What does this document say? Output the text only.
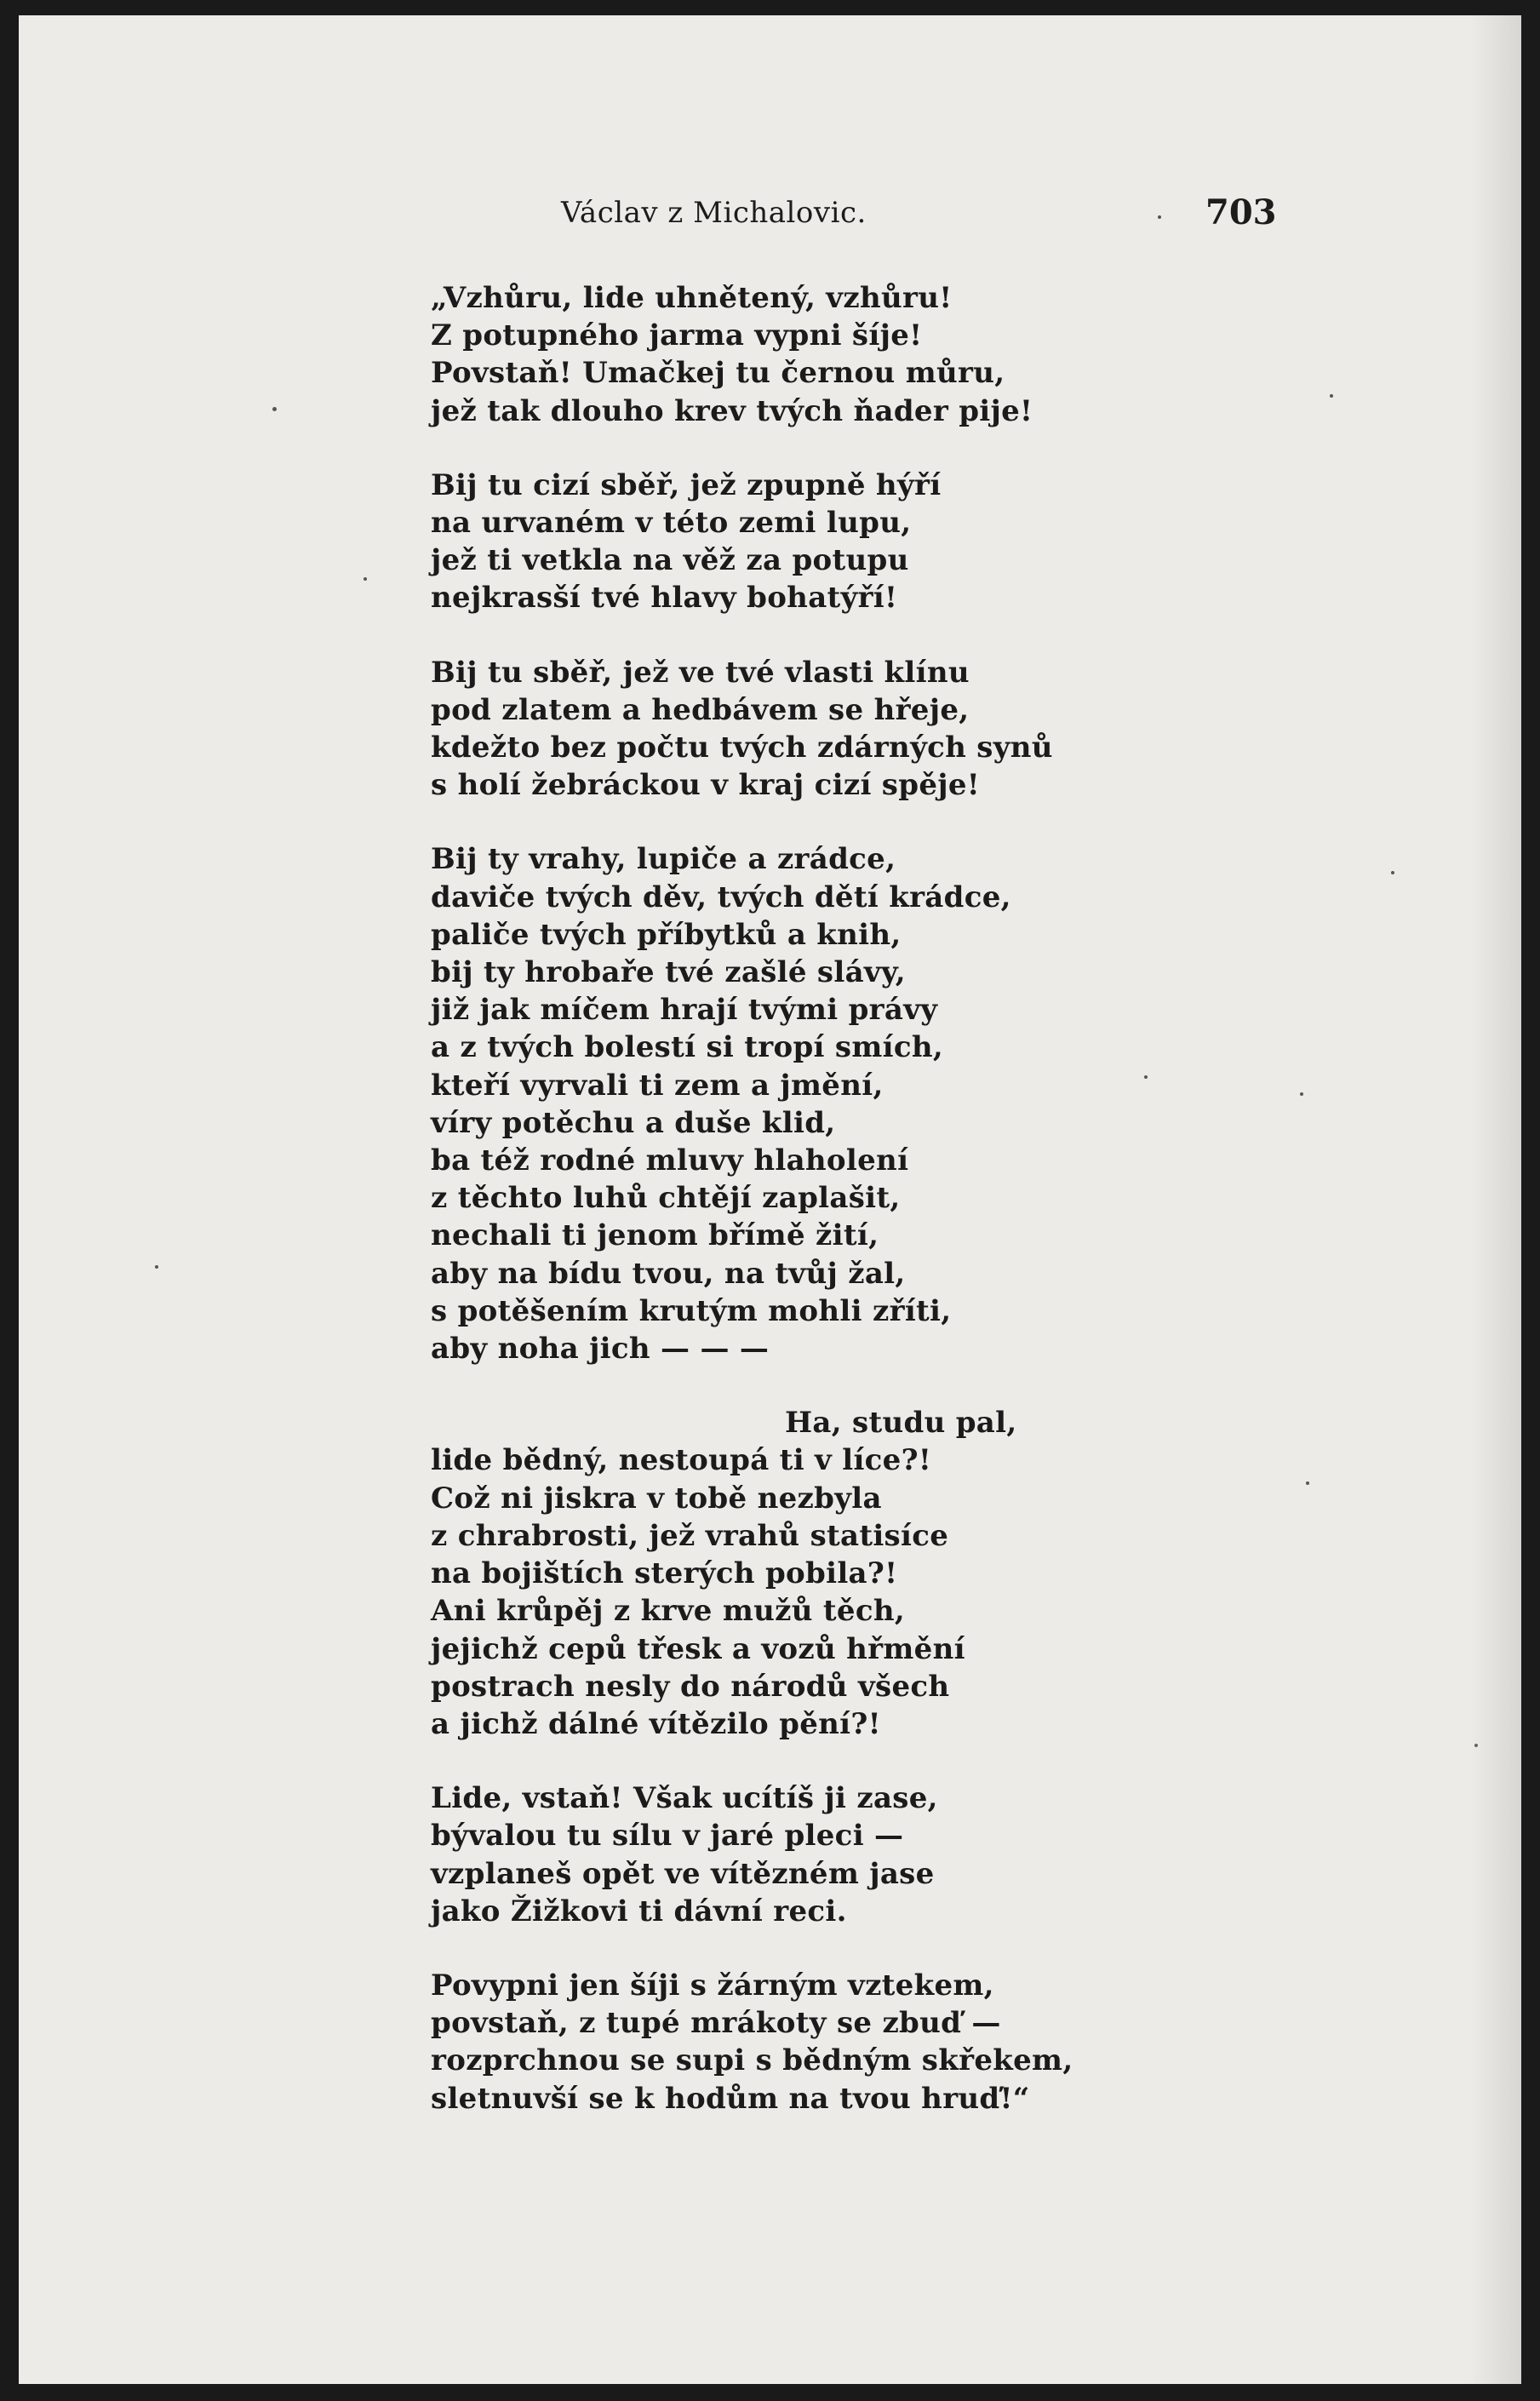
Václav z Michalovic.	703
„Vzhůru, lide uhnětený, vzhůru!
Z potupného jarma vypni šíje!
Povstaň! Umačkej tu černou můru,
jež tak dlouho krev tvých ňader pije!
Bij tu cizí sběř, jež zpupně hýří
na urvaném v této zemi lupu,
jež ti vetkla na věž za potupu
nejkrasší tvé hlavy bohatýří!
Bij tu sběř, jež ve tvé vlasti klínu
pod zlatem a hedbávem se hřeje,
kdežto bez počtu tvých zdárných synů
s holí žebráckou v kraj cizí spěje!
Bij ty vrahy, lupiče a zrádce,
daviče tvých děv, tvých dětí krádce,
paliče tvých příbytků a knih,
bij ty hrobaře tvé zašlé slávy,
již jak míčem hrají tvými právy
a z tvých bolestí si tropí smích,
kteří vyrvali ti zem a jmění,
víry potěchu a duše klid,
ba též rodné mluvy hlaholení
z těchto luhů chtějí zaplašit,
nechali ti jenom břímě žití,
aby na bídu tvou, na tvůj žal,
s potěšením krutým mohli zříti,
aby noha jich — — —
Ha, studu pal,
lide bědný, nestoupá ti v líce?!
Což ni jiskra v tobě nezbyla
z chrabrosti, jež vrahů statisíce
na bojištích sterých pobila?!
Ani krůpěj z krve mužů těch,
jejichž cepů třesk a vozů hřmění
postrach nesly do národů všech
a jichž dálné vítězilo pění?!
Lide, vstaň! Však ucítíš ji zase,
bývalou tu sílu v jaré pleci —
vzplaneš opět ve vítězném jase
jako Žižkovi ti dávní reci.
Povypni jen šíji s žárným vztekem,
povstaň, z tupé mrákoty se zbuď —
rozprchnou se supi s bědným skřekem,
sletnuvší se k hodům na tvou hruď!“
